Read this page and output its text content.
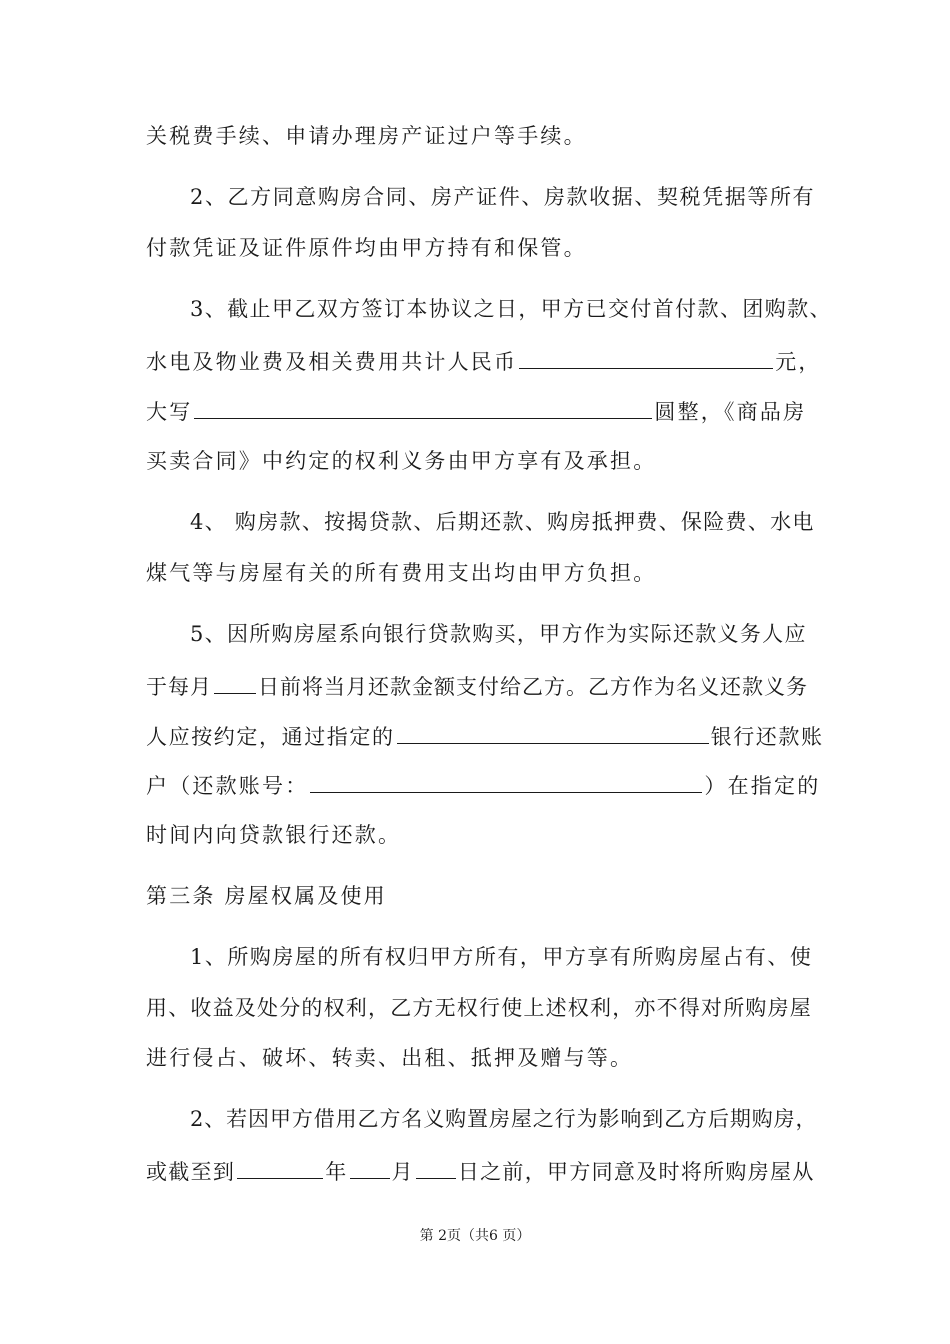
关税费手续、申请办理房产证过户等手续。
2、乙方同意购房合同、房产证件、房款收据、契税凭据等所有
付款凭证及证件原件均由甲方持有和保管。
3、截止甲乙双方签订本协议之日，甲方已交付首付款、团购款、
水电及物业费及相关费用共计人民币	元，
大写	圆整，《商品房
买卖合同》中约定的权利义务由甲方享有及承担。
4、 购房款、按揭贷款、后期还款、购房抵押费、保险费、水电
煤气等与房屋有关的所有费用支出均由甲方负担。
5、因所购房屋系向银行贷款购买，甲方作为实际还款义务人应
于每月 日前将当月还款金额支付给乙方。乙方作为名义还款义务
人应按约定，通过指定的	银行还款账
户（还款账号：	）在指定的
时间内向贷款银行还款。
第三条 房屋权属及使用
1、所购房屋的所有权归甲方所有，甲方享有所购房屋占有、使
用、收益及处分的权利，乙方无权行使上述权利，亦不得对所购房屋
进行侵占、破坏、转卖、出租、抵押及赠与等。
2、若因甲方借用乙方名义购置房屋之行为影响到乙方后期购房，
或截至到	年 月 日之前，甲方同意及时将所购房屋从
第 2页（共6 页）
